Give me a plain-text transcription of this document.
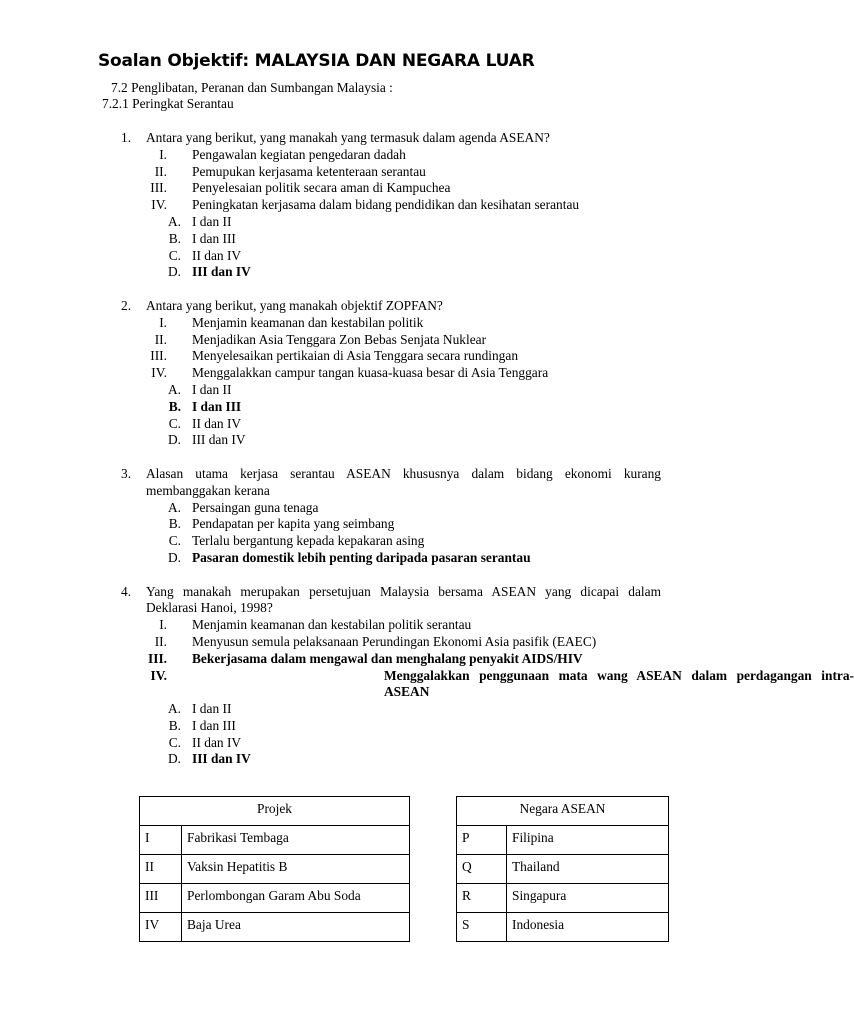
Soalan Objektif: MALAYSIA DAN NEGARA LUAR
7.2 Penglibatan, Peranan dan Sumbangan Malaysia :
7.2.1 Peringkat Serantau
1. Antara yang berikut, yang manakah yang termasuk dalam agenda ASEAN?
I. Pengawalan kegiatan pengedaran dadah
II. Pemupukan kerjasama ketenteraan serantau
III. Penyelesaian politik secara aman di Kampuchea
IV. Peningkatan kerjasama dalam bidang pendidikan dan kesihatan serantau
A. I dan II
B. I dan III
C. II dan IV
D. III dan IV
2. Antara yang berikut, yang manakah objektif ZOPFAN?
I. Menjamin keamanan dan kestabilan politik
II. Menjadikan Asia Tenggara Zon Bebas Senjata Nuklear
III. Menyelesaikan pertikaian di Asia Tenggara secara rundingan
IV. Menggalakkan campur tangan kuasa-kuasa besar di Asia Tenggara
A. I dan II
B. I dan III
C. II dan IV
D. III dan IV
3. Alasan utama kerjasa serantau ASEAN khususnya dalam bidang ekonomi kurang membanggakan kerana
A. Persaingan guna tenaga
B. Pendapatan per kapita yang seimbang
C. Terlalu bergantung kepada kepakaran asing
D. Pasaran domestik lebih penting daripada pasaran serantau
4. Yang manakah merupakan persetujuan Malaysia bersama ASEAN yang dicapai dalam Deklarasi Hanoi, 1998?
I. Menjamin keamanan dan kestabilan politik serantau
II. Menyusun semula pelaksanaan Perundingan Ekonomi Asia pasifik (EAEC)
III. Bekerjasama dalam mengawal dan menghalang penyakit AIDS/HIV
IV.	Menggalakkan penggunaan mata wang ASEAN dalam perdagangan intra-ASEAN
A. I dan II
B. I dan III
C. II dan IV
D. III dan IV
Projek	
I	Fabrikasi Tembaga
II	Vaksin Hepatitis B
III	Perlombongan Garam Abu Soda
IV	Baja Urea
Negara ASEAN	
P	Filipina
Q	Thailand
R	Singapura
S	Indonesia
